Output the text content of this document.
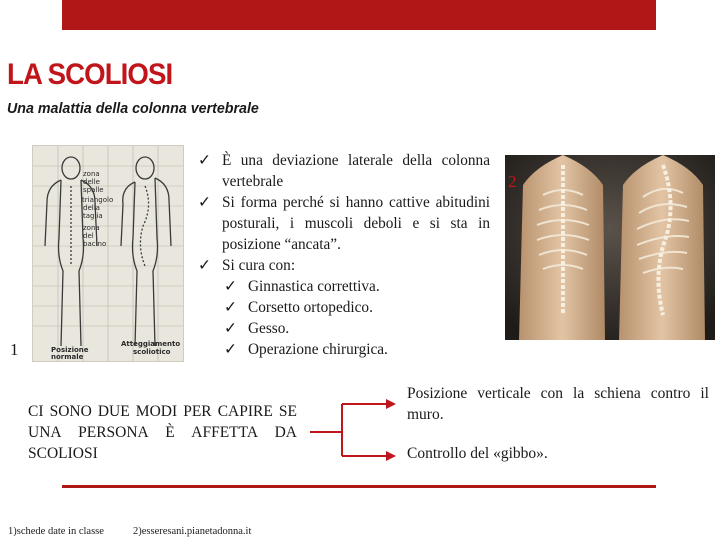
LA SCOLIOSI
Una malattia della colonna vertebrale
zona
delle
spalle
triangolo
della
taglia
zona
del
bacino
Posizione
normale
Atteggiamento
scoliotico
1
2
✓ È una deviazione laterale della colonna vertebrale
✓ Si forma perché si hanno cattive abitudini posturali, i muscoli deboli e si sta in posizione “ancata”.
✓ Si cura con:
✓ Ginnastica correttiva.
✓ Corsetto ortopedico.
✓ Gesso.
✓ Operazione chirurgica.
CI SONO DUE MODI PER CAPIRE SE UNA PERSONA È AFFETTA DA SCOLIOSI
Posizione verticale con la schiena contro il muro.
Controllo del «gibbo».
1)schede date in classe	2)esseresani.pianetadonna.it
